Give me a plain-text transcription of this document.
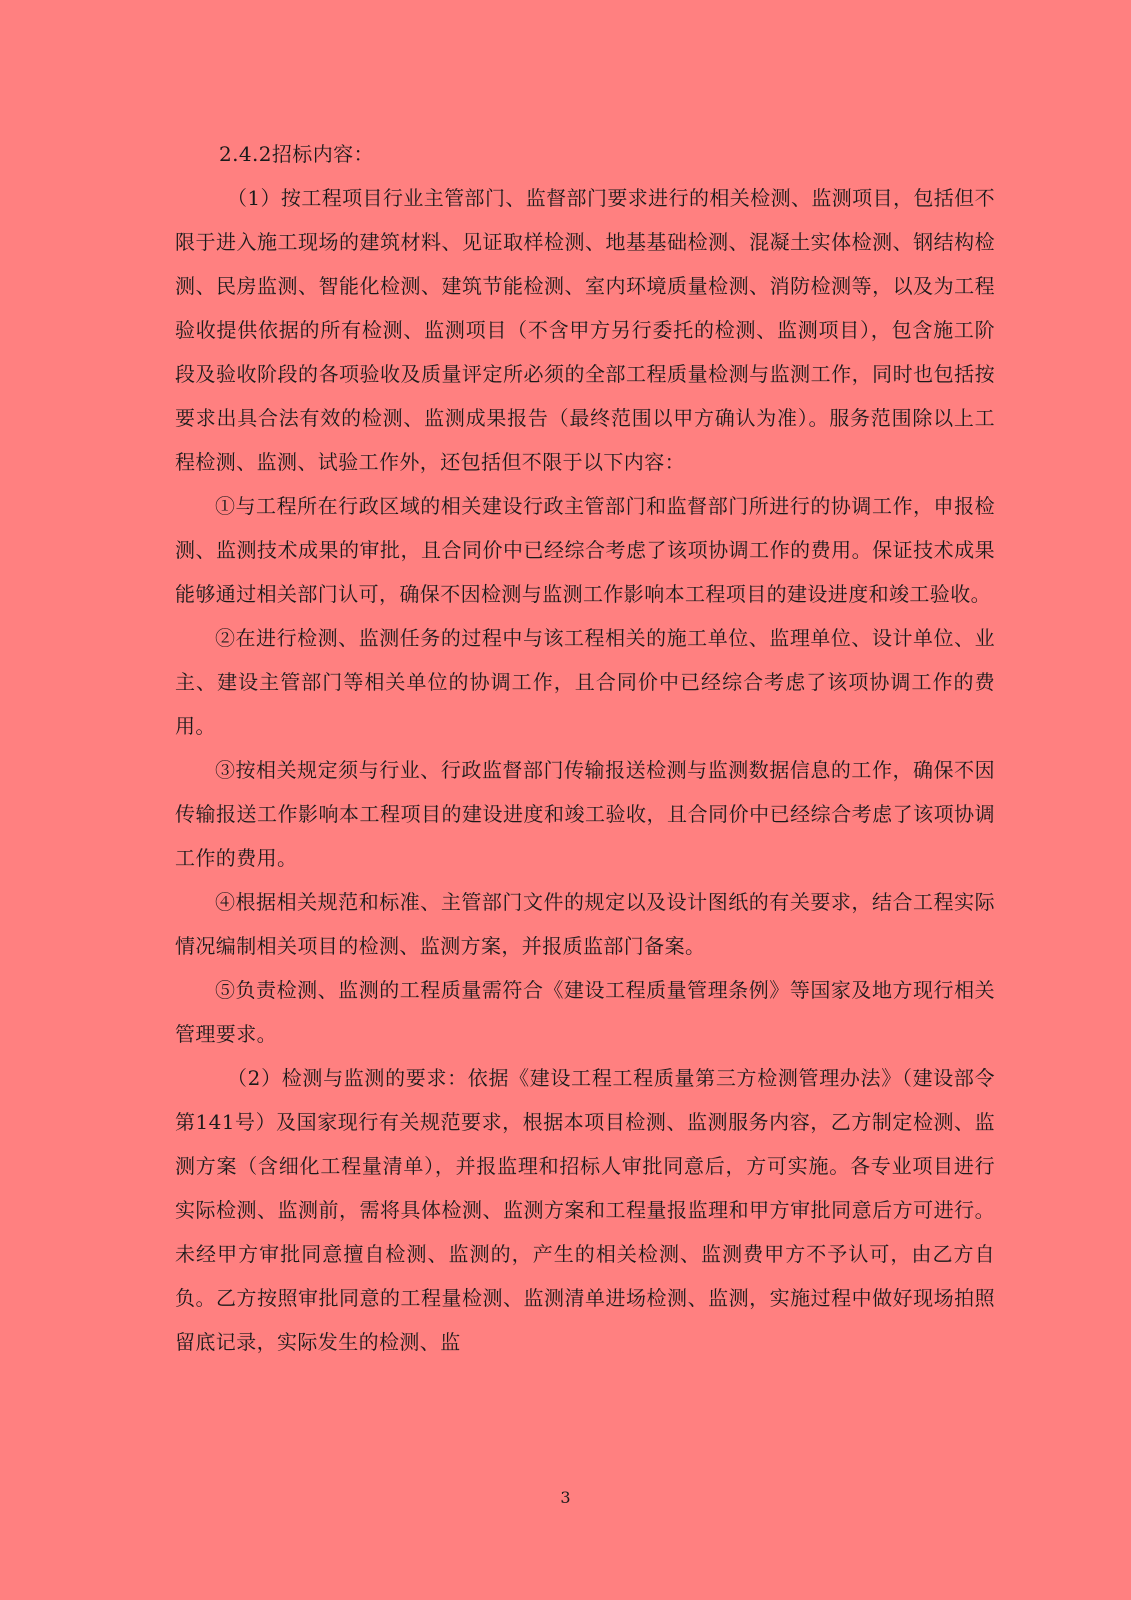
2.4.2招标内容：

（1）按工程项目行业主管部门、监督部门要求进行的相关检测、监测项目，包括但不限于进入施工现场的建筑材料、见证取样检测、地基基础检测、混凝土实体检测、钢结构检测、民房监测、智能化检测、建筑节能检测、室内环境质量检测、消防检测等，以及为工程验收提供依据的所有检测、监测项目（不含甲方另行委托的检测、监测项目），包含施工阶段及验收阶段的各项验收及质量评定所必须的全部工程质量检测与监测工作，同时也包括按要求出具合法有效的检测、监测成果报告（最终范围以甲方确认为准）。服务范围除以上工程检测、监测、试验工作外，还包括但不限于以下内容：

①与工程所在行政区域的相关建设行政主管部门和监督部门所进行的协调工作，申报检测、监测技术成果的审批，且合同价中已经综合考虑了该项协调工作的费用。保证技术成果能够通过相关部门认可，确保不因检测与监测工作影响本工程项目的建设进度和竣工验收。

②在进行检测、监测任务的过程中与该工程相关的施工单位、监理单位、设计单位、业主、建设主管部门等相关单位的协调工作，且合同价中已经综合考虑了该项协调工作的费用。

③按相关规定须与行业、行政监督部门传输报送检测与监测数据信息的工作，确保不因传输报送工作影响本工程项目的建设进度和竣工验收，且合同价中已经综合考虑了该项协调工作的费用。

④根据相关规范和标准、主管部门文件的规定以及设计图纸的有关要求，结合工程实际情况编制相关项目的检测、监测方案，并报质监部门备案。

⑤负责检测、监测的工程质量需符合《建设工程质量管理条例》等国家及地方现行相关管理要求。

（2）检测与监测的要求：依据《建设工程工程质量第三方检测管理办法》（建设部令第141号）及国家现行有关规范要求，根据本项目检测、监测服务内容，乙方制定检测、监测方案（含细化工程量清单），并报监理和招标人审批同意后，方可实施。各专业项目进行实际检测、监测前，需将具体检测、监测方案和工程量报监理和甲方审批同意后方可进行。未经甲方审批同意擅自检测、监测的，产生的相关检测、监测费甲方不予认可，由乙方自负。乙方按照审批同意的工程量检测、监测清单进场检测、监测，实施过程中做好现场拍照留底记录，实际发生的检测、监

3
